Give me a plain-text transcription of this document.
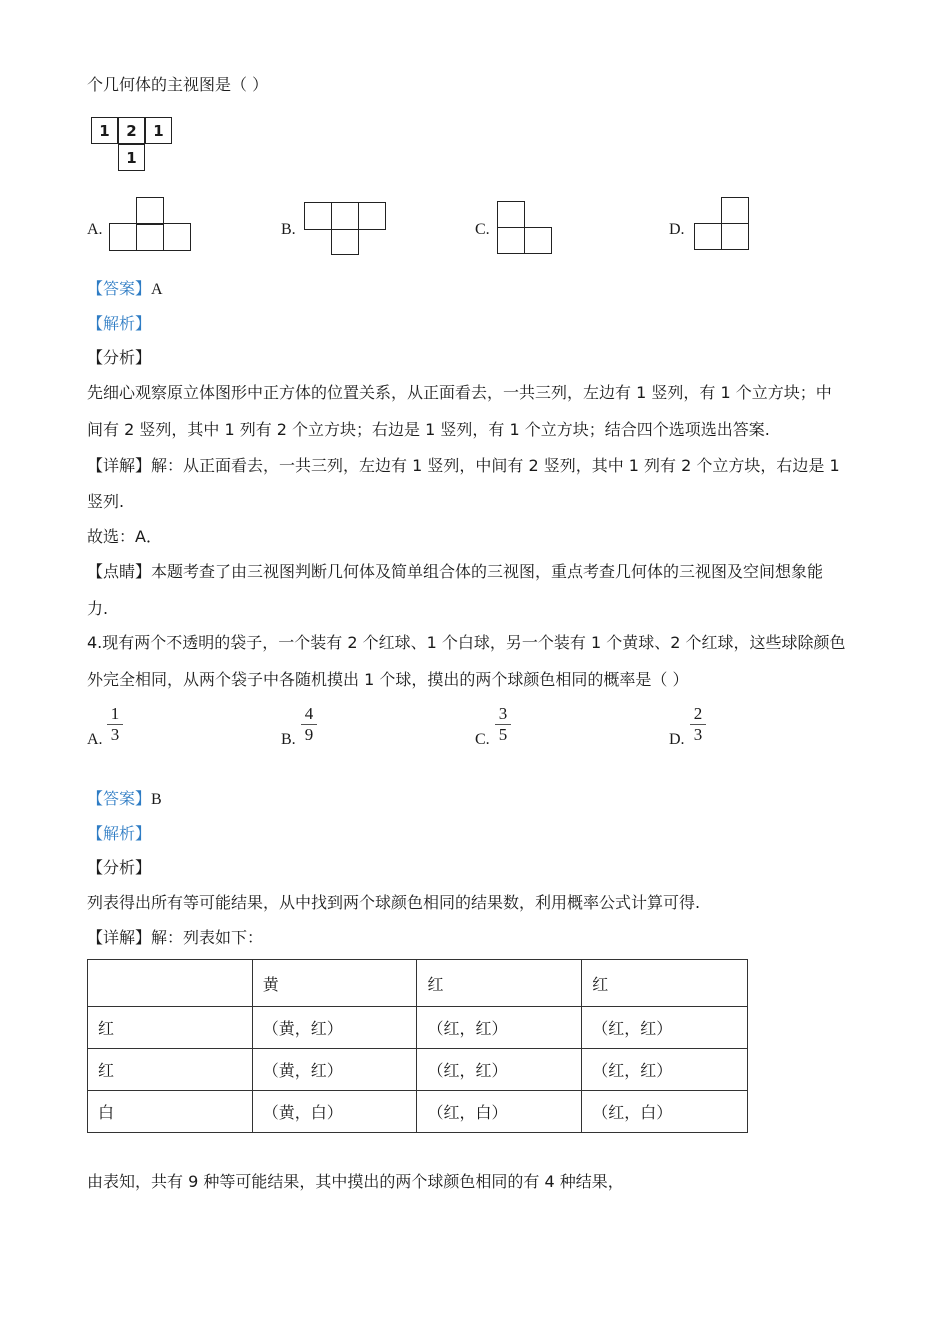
个几何体的主视图是（ ）
1	2	1
1
A.	B.	C.	D.
【答案】A
【解析】
【分析】
先细心观察原立体图形中正方体的位置关系，从正面看去，一共三列，左边有 1 竖列，有 1 个立方块；中
间有 2 竖列，其中 1 列有 2 个立方块；右边是 1 竖列，有 1 个立方块；结合四个选项选出答案.
【详解】解：从正面看去，一共三列，左边有 1 竖列，中间有 2 竖列，其中 1 列有 2 个立方块，右边是 1
竖列.
故选：A．
【点睛】本题考查了由三视图判断几何体及简单组合体的三视图，重点考查几何体的三视图及空间想象能
力.
4.现有两个不透明的袋子，一个装有 2 个红球、1 个白球，另一个装有 1 个黄球、2 个红球，这些球除颜色
外完全相同，从两个袋子中各随机摸出 1 个球，摸出的两个球颜色相同的概率是（ ）
A.
1
3	B.
4
9	C.
3
5	D.
2
3
【答案】B
【解析】
【分析】
列表得出所有等可能结果，从中找到两个球颜色相同的结果数，利用概率公式计算可得.
【详解】解：列表如下：
	黄	红	红
红	（黄，红）	（红，红）	（红，红）
红	（黄，红）	（红，红）	（红，红）
白	（黄，白）	（红，白）	（红，白）
由表知，共有 9 种等可能结果，其中摸出的两个球颜色相同的有 4 种结果，
